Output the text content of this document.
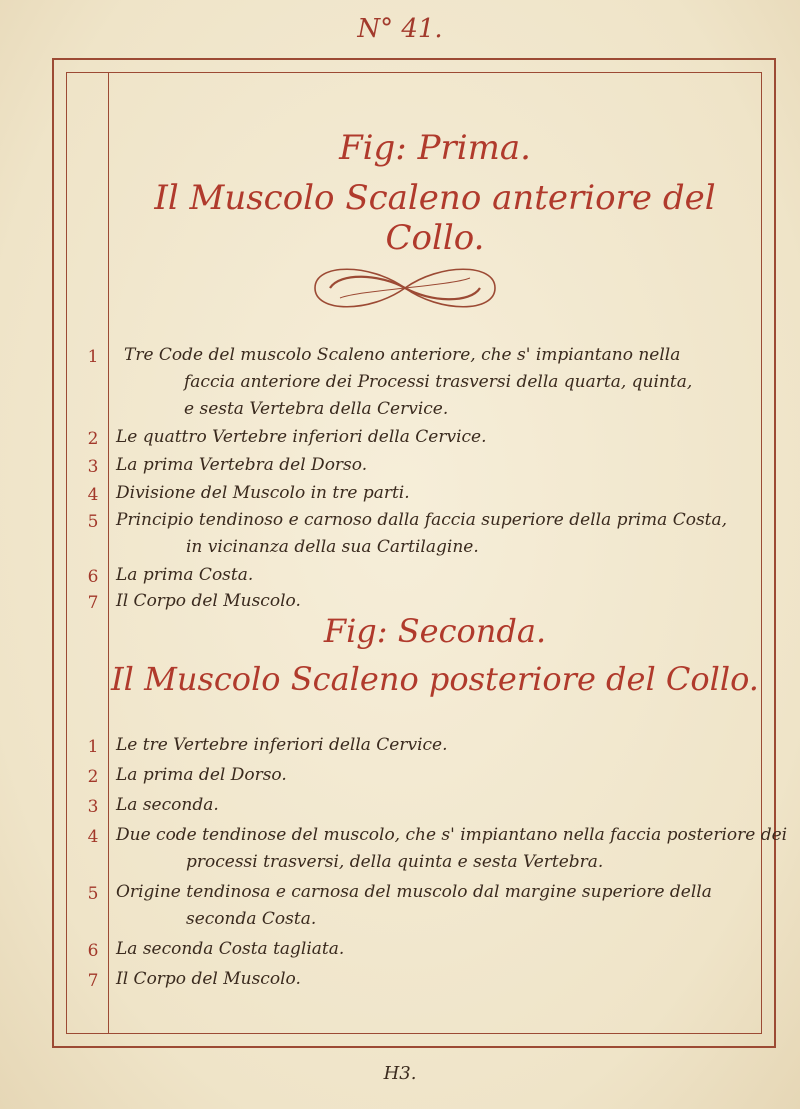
N° 41.
Fig: Prima.
Il Muscolo Scaleno anteriore del Collo.
1	Tre Code del muscolo Scaleno anteriore, che s' impiantano nella
faccia anteriore dei Processi trasversi della quarta, quinta,
e sesta Vertebra della Cervice.
2	Le quattro Vertebre inferiori della Cervice.
3	La prima Vertebra del Dorso.
4	Divisione del Muscolo in tre parti.
5	Principio tendinoso e carnoso dalla faccia superiore della prima Costa,
in vicinanza della sua Cartilagine.
6	La prima Costa.
7	Il Corpo del Muscolo.
Fig: Seconda.
Il Muscolo Scaleno posteriore del Collo.
1	Le tre Vertebre inferiori della Cervice.
2	La prima del Dorso.
3	La seconda.
4	Due code tendinose del muscolo, che s' impiantano nella faccia posteriore dei
processi trasversi, della quinta e sesta Vertebra.
5	Origine tendinosa e carnosa del muscolo dal margine superiore della
seconda Costa.
6	La seconda Costa tagliata.
7	Il Corpo del Muscolo.
H3.
